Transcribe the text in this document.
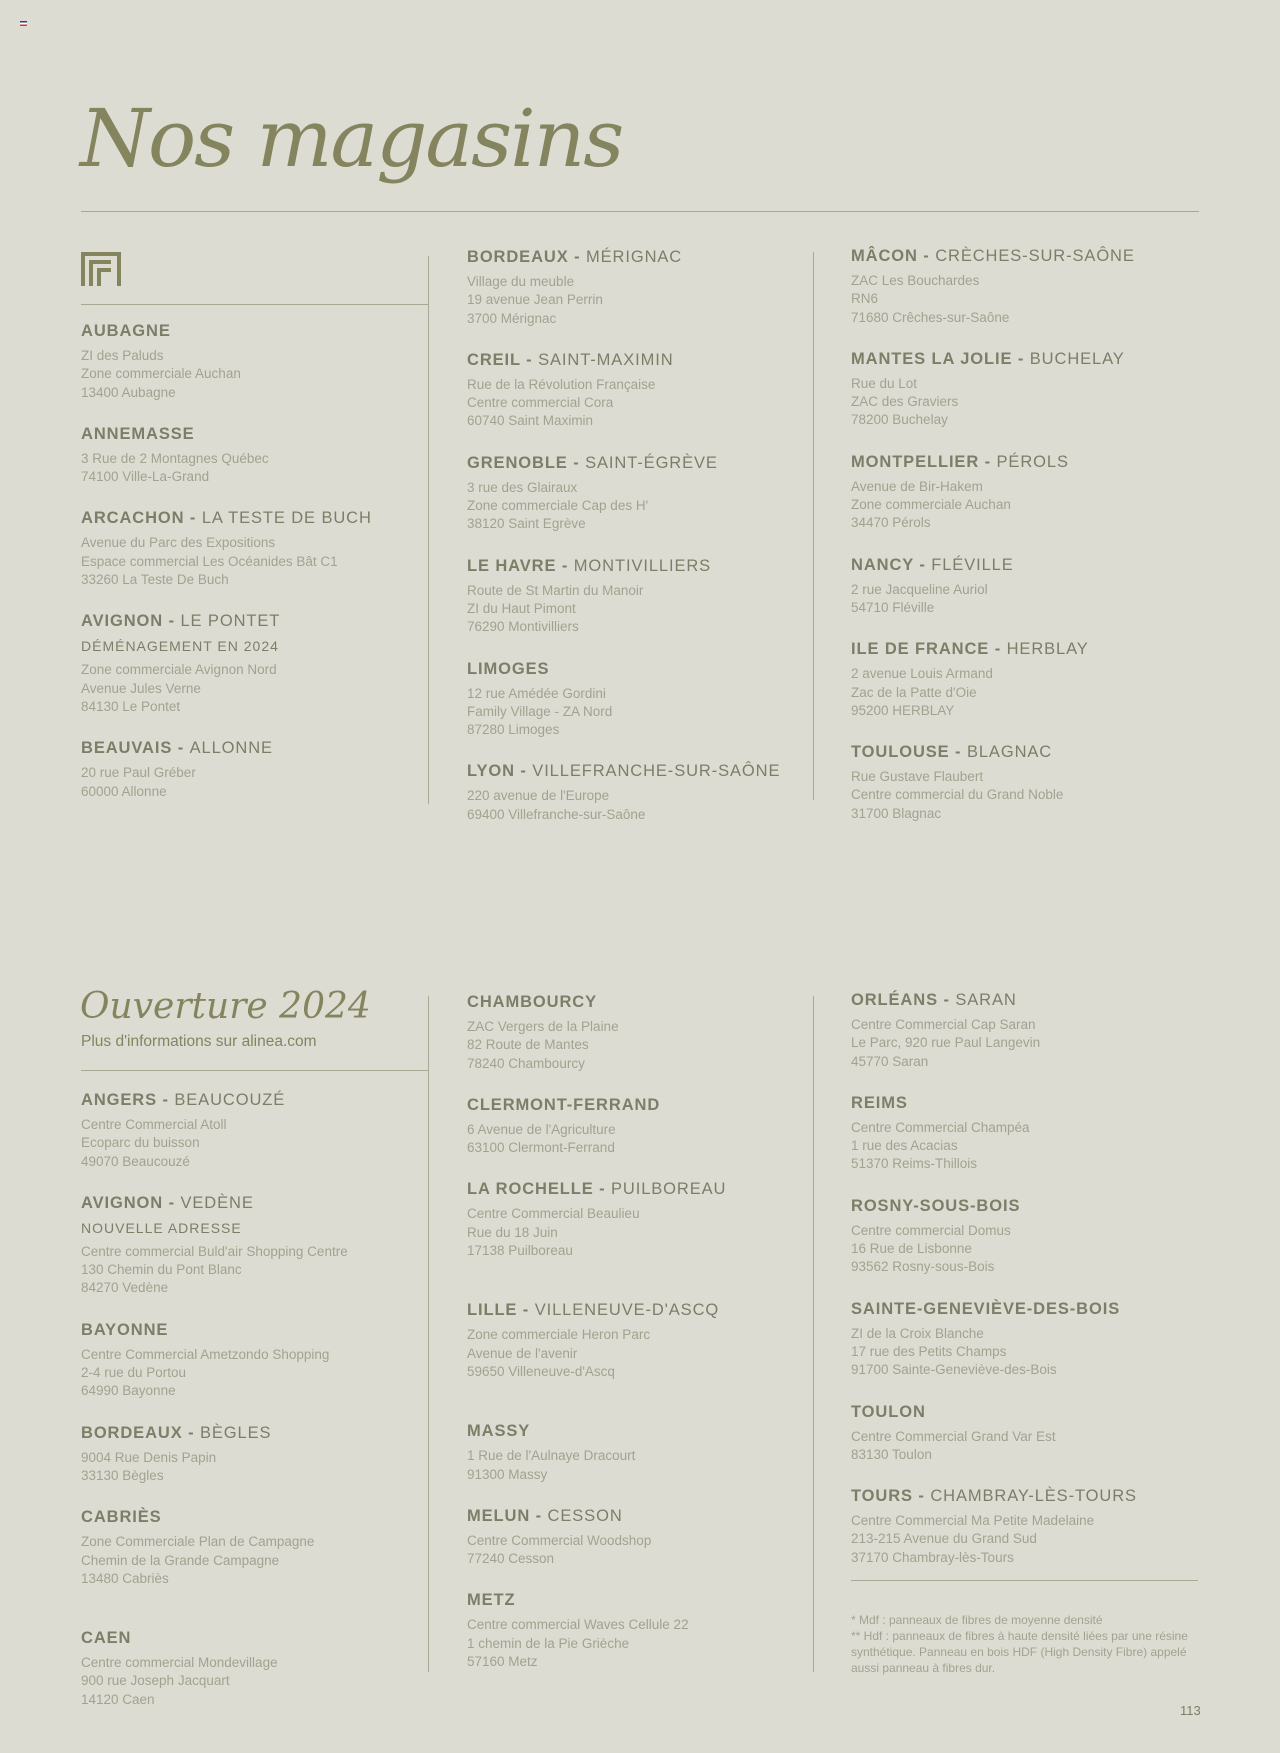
Nos magasins
AUBAGNE
ZI des Paluds
Zone commerciale Auchan
13400 Aubagne
ANNEMASSE
3 Rue de 2 Montagnes Québec
74100 Ville-La-Grand
ARCACHON - LA TESTE DE BUCH
Avenue du Parc des Expositions
Espace commercial Les Océanides Bât C1
33260 La Teste De Buch
AVIGNON - LE PONTET
DÉMÉNAGEMENT EN 2024
Zone commerciale Avignon Nord
Avenue Jules Verne
84130 Le Pontet
BEAUVAIS - ALLONNE
20 rue Paul Gréber
60000 Allonne
BORDEAUX - MÉRIGNAC
Village du meuble
19 avenue Jean Perrin
3700 Mérignac
CREIL - SAINT-MAXIMIN
Rue de la Révolution Française
Centre commercial Cora
60740 Saint Maximin
GRENOBLE - SAINT-ÉGRÈVE
3 rue des Glairaux
Zone commerciale Cap des H'
38120 Saint Egrève
LE HAVRE - MONTIVILLIERS
Route de St Martin du Manoir
ZI du Haut Pimont
76290 Montivilliers
LIMOGES
12 rue Amédée Gordini
Family Village - ZA Nord
87280 Limoges
LYON - VILLEFRANCHE-SUR-SAÔNE
220 avenue de l'Europe
69400 Villefranche-sur-Saône
MÂCON - CRÈCHES-SUR-SAÔNE
ZAC Les Bouchardes
RN6
71680 Crêches-sur-Saône
MANTES LA JOLIE - BUCHELAY
Rue du Lot
ZAC des Graviers
78200 Buchelay
MONTPELLIER - PÉROLS
Avenue de Bir-Hakem
Zone commerciale Auchan
34470 Pérols
NANCY - FLÉVILLE
2 rue Jacqueline Auriol
54710 Fléville
ILE DE FRANCE - HERBLAY
2 avenue Louis Armand
Zac de la Patte d'Oie
95200 HERBLAY
TOULOUSE - BLAGNAC
Rue Gustave Flaubert
Centre commercial du Grand Noble
31700 Blagnac
Ouverture 2024
Plus d'informations sur alinea.com
ANGERS - BEAUCOUZÉ
Centre Commercial Atoll
Ecoparc du buisson
49070 Beaucouzé
AVIGNON - VEDÈNE
NOUVELLE ADRESSE
Centre commercial Buld'air Shopping Centre
130 Chemin du Pont Blanc
84270 Vedène
BAYONNE
Centre Commercial Ametzondo Shopping
2-4 rue du Portou
64990 Bayonne
BORDEAUX - BÈGLES
9004 Rue Denis Papin
33130 Bègles
CABRIÈS
Zone Commerciale Plan de Campagne
Chemin de la Grande Campagne
13480 Cabriès
CAEN
Centre commercial Mondevillage
900 rue Joseph Jacquart
14120 Caen
CHAMBOURCY
ZAC Vergers de la Plaine
82 Route de Mantes
78240 Chambourcy
CLERMONT-FERRAND
6 Avenue de l'Agriculture
63100 Clermont-Ferrand
LA ROCHELLE - PUILBOREAU
Centre Commercial Beaulieu
Rue du 18 Juin
17138 Puilboreau
LILLE - VILLENEUVE-D'ASCQ
Zone commerciale Heron Parc
Avenue de l'avenir
59650 Villeneuve-d'Ascq
MASSY
1 Rue de l'Aulnaye Dracourt
91300 Massy
MELUN - CESSON
Centre Commercial Woodshop
77240 Cesson
METZ
Centre commercial Waves Cellule 22
1 chemin de la Pie Grièche
57160 Metz
ORLÉANS - SARAN
Centre Commercial Cap Saran
Le Parc, 920 rue Paul Langevin
45770 Saran
REIMS
Centre Commercial Champéa
1 rue des Acacias
51370 Reims-Thillois
ROSNY-SOUS-BOIS
Centre commercial Domus
16 Rue de Lisbonne
93562 Rosny-sous-Bois
SAINTE-GENEVIÈVE-DES-BOIS
ZI de la Croix Blanche
17 rue des Petits Champs
91700 Sainte-Geneviève-des-Bois
TOULON
Centre Commercial Grand Var Est
83130 Toulon
TOURS - CHAMBRAY-LÈS-TOURS
Centre Commercial Ma Petite Madelaine
213-215 Avenue du Grand Sud
37170 Chambray-lès-Tours
* Mdf : panneaux de fibres de moyenne densité
** Hdf : panneaux de fibres à haute densité liées par une résine synthétique. Panneau en bois HDF (High Density Fibre) appelé aussi panneau à fibres dur.
113
